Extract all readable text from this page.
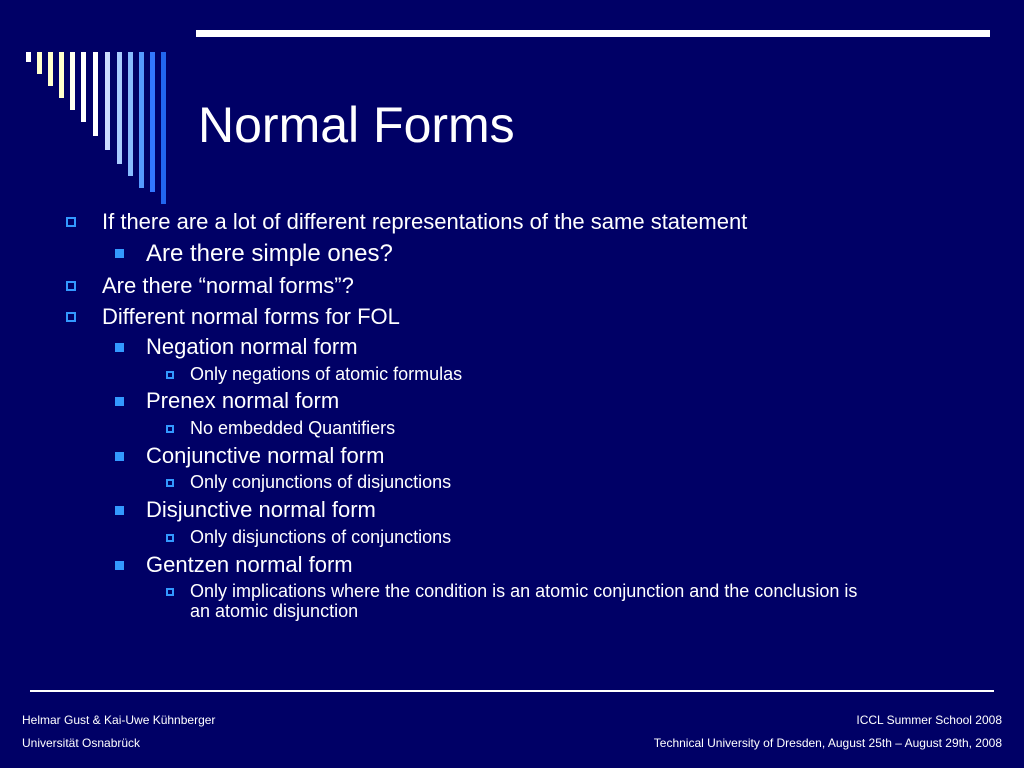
Normal Forms
If there are a lot of different representations of the same statement
Are there simple ones?
Are there “normal forms”?
Different normal forms for FOL
Negation normal form
Only negations of atomic formulas
Prenex normal form
No embedded Quantifiers
Conjunctive normal form
Only conjunctions of disjunctions
Disjunctive normal form
Only disjunctions of conjunctions
Gentzen normal form
Only implications where the condition is an atomic conjunction and the conclusion is
an atomic disjunction
Helmar Gust & Kai-Uwe Kühnberger
Universität Osnabrück
ICCL Summer School 2008
Technical University of Dresden, August 25th – August 29th, 2008
